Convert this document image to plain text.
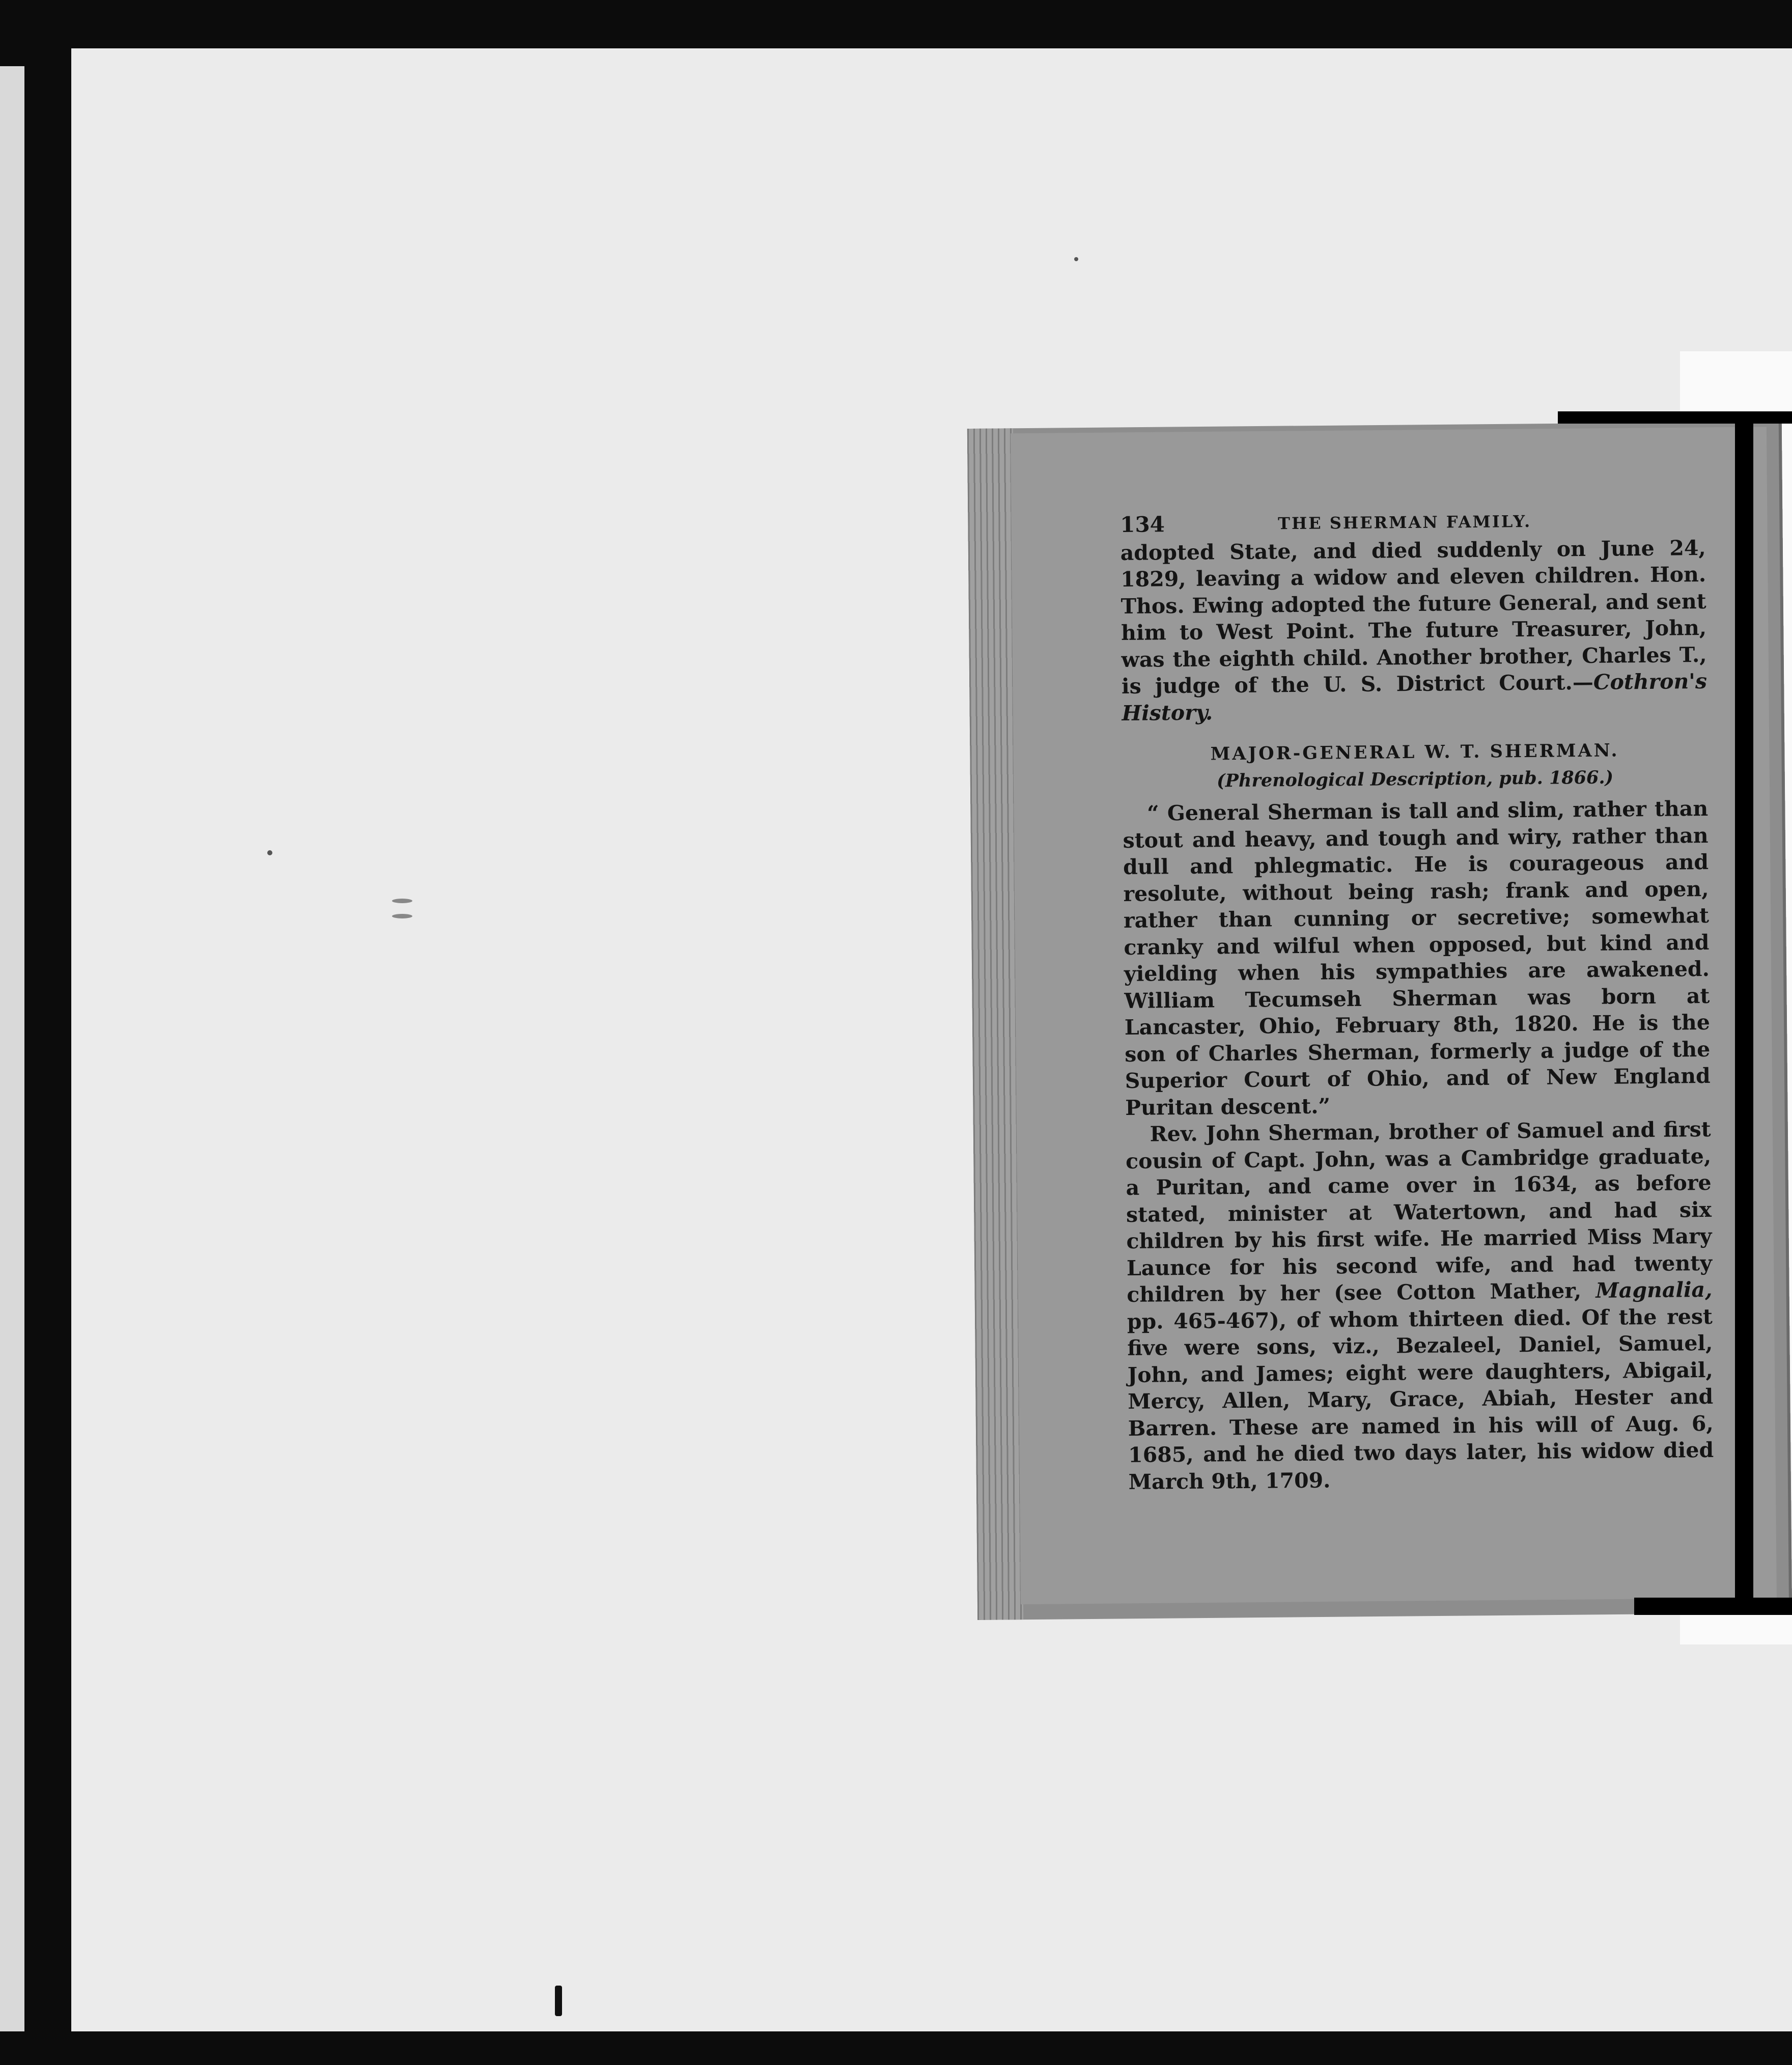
134	THE SHERMAN FAMILY.

adopted State, and died suddenly on June 24, 1829, leaving a widow and eleven children. Hon. Thos. Ewing adopted the future General, and sent him to West Point. The future Treasurer, John, was the eighth child. Another brother, Charles T., is judge of the U. S. District Court.—Cothron's History.

MAJOR-GENERAL W. T. SHERMAN.
(Phrenological Description, pub. 1866.)

“ General Sherman is tall and slim, rather than stout and heavy, and tough and wiry, rather than dull and phlegmatic. He is courageous and resolute, without being rash; frank and open, rather than cunning or secretive; somewhat cranky and wilful when opposed, but kind and yielding when his sympathies are awakened. William Tecumseh Sherman was born at Lancaster, Ohio, February 8th, 1820. He is the son of Charles Sherman, formerly a judge of the Superior Court of Ohio, and of New England Puritan descent.”

Rev. John Sherman, brother of Samuel and first cousin of Capt. John, was a Cambridge graduate, a Puritan, and came over in 1634, as before stated, minister at Watertown, and had six children by his first wife. He married Miss Mary Launce for his second wife, and had twenty children by her (see Cotton Mather, Magnalia, pp. 465-467), of whom thirteen died. Of the rest five were sons, viz., Bezaleel, Daniel, Samuel, John, and James; eight were daughters, Abigail, Mercy, Allen, Mary, Grace, Abiah, Hester and Barren. These are named in his will of Aug. 6, 1685, and he died two days later, his widow died March 9th, 1709.
